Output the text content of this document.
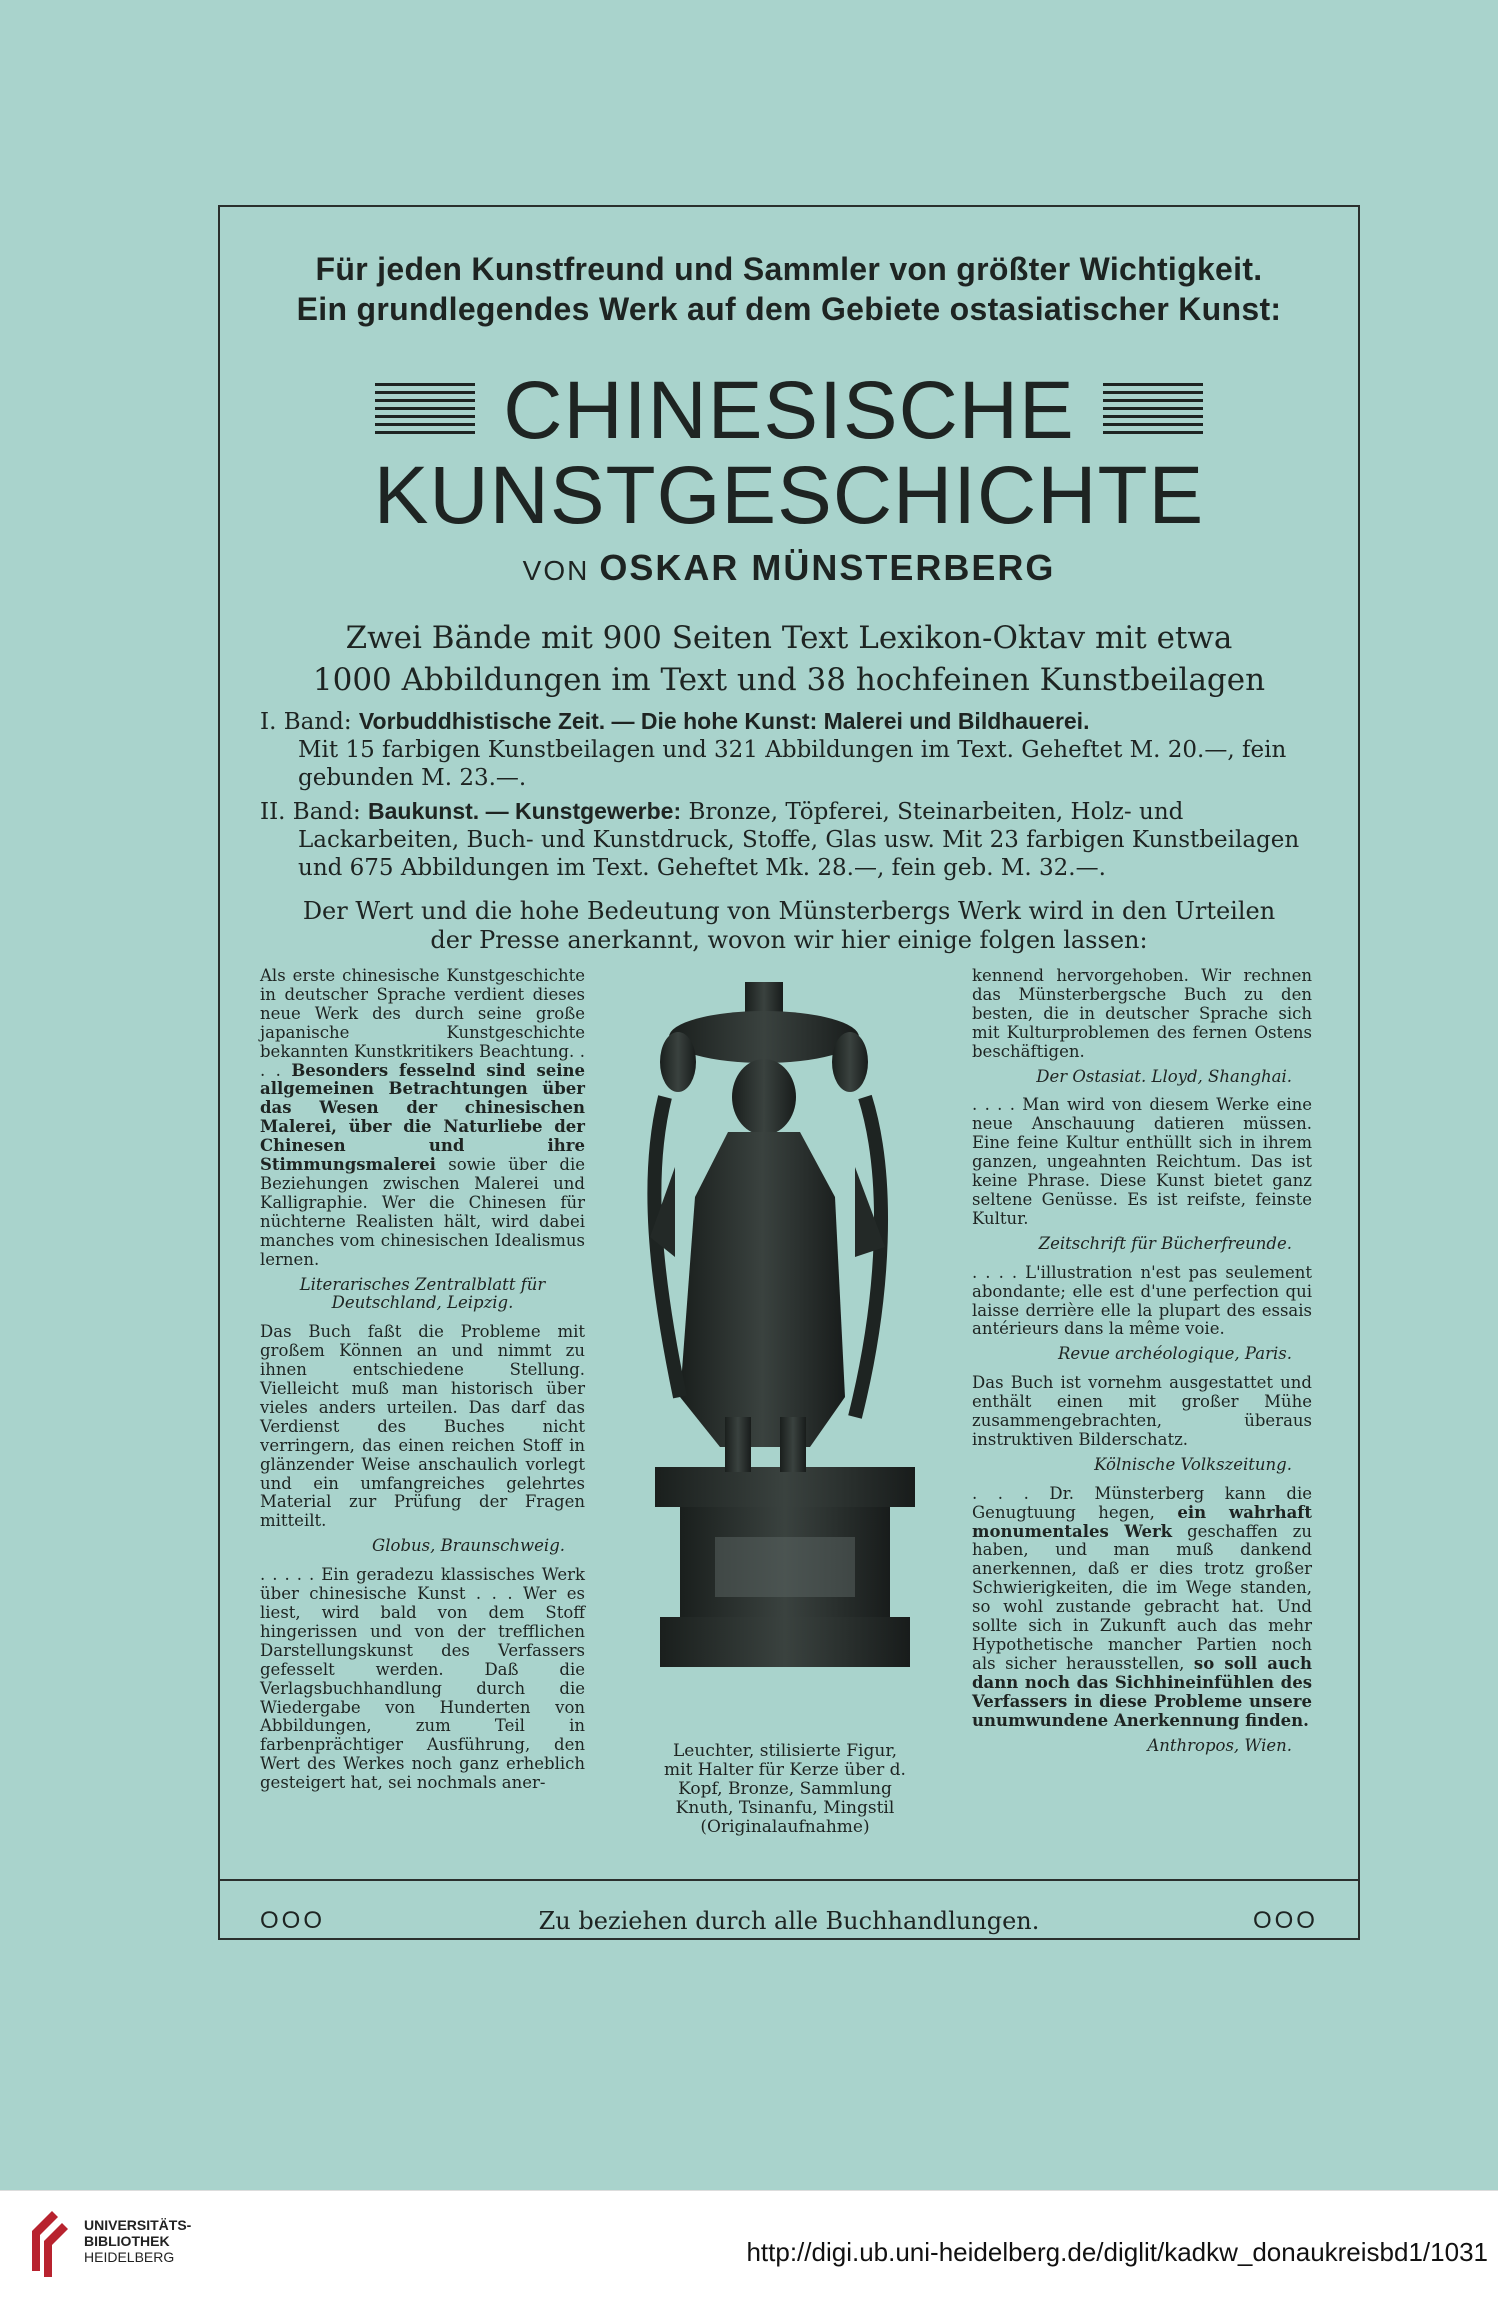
Für jeden Kunstfreund und Sammler von größter Wichtigkeit.
Ein grundlegendes Werk auf dem Gebiete ostasiatischer Kunst:
CHINESISCHE
KUNSTGESCHICHTE
VON OSKAR MÜNSTERBERG
Zwei Bände mit 900 Seiten Text Lexikon-Oktav mit etwa
1000 Abbildungen im Text und 38 hochfeinen Kunstbeilagen
I. Band: Vorbuddhistische Zeit. — Die hohe Kunst: Malerei und Bildhauerei.
Mit 15 farbigen Kunstbeilagen und 321 Abbildungen im Text. Geheftet M. 20.—, fein gebunden M. 23.—.
II. Band: Baukunst. — Kunstgewerbe: Bronze, Töpferei, Steinarbeiten, Holz- und
Lackarbeiten, Buch- und Kunstdruck, Stoffe, Glas usw. Mit 23 farbigen Kunstbeilagen und 675 Abbildungen im Text. Geheftet Mk. 28.—, fein geb. M. 32.—.
Der Wert und die hohe Bedeutung von Münsterbergs Werk wird in den Urteilen
der Presse anerkannt, wovon wir hier einige folgen lassen:

Als erste chinesische Kunstgeschichte in deutscher Sprache verdient dieses neue Werk des durch seine große japanische Kunstgeschichte bekannten Kunstkritikers Beachtung. . . . Besonders fesselnd sind seine allgemeinen Betrachtungen über das Wesen der chinesischen Malerei, über die Naturliebe der Chinesen und ihre Stimmungsmalerei sowie über die Beziehungen zwischen Malerei und Kalligraphie. Wer die Chinesen für nüchterne Realisten hält, wird dabei manches vom chinesischen Idealismus lernen.

Literarisches Zentralblatt für
Deutschland, Leipzig.

Das Buch faßt die Probleme mit großem Können an und nimmt zu ihnen entschiedene Stellung. Vielleicht muß man historisch über vieles anders urteilen. Das darf das Verdienst des Buches nicht verringern, das einen reichen Stoff in glänzender Weise anschaulich vorlegt und ein umfangreiches gelehrtes Material zur Prüfung der Fragen mitteilt.

Globus, Braunschweig.

. . . . . Ein geradezu klassisches Werk über chinesische Kunst . . . Wer es liest, wird bald von dem Stoff hingerissen und von der trefflichen Darstellungskunst des Verfassers gefesselt werden. Daß die Verlagsbuchhandlung durch die Wiedergabe von Hunderten von Abbildungen, zum Teil in farbenprächtiger Ausführung, den Wert des Werkes noch ganz erheblich gesteigert hat, sei nochmals aner-

Leuchter, stilisierte Figur,
mit Halter für Kerze über d.
Kopf, Bronze, Sammlung
Knuth, Tsinanfu, Mingstil
(Originalaufnahme)

kennend hervorgehoben. Wir rechnen das Münsterbergsche Buch zu den besten, die in deutscher Sprache sich mit Kulturproblemen des fernen Ostens beschäftigen.

Der Ostasiat. Lloyd, Shanghai.

. . . . Man wird von diesem Werke eine neue Anschauung datieren müssen. Eine feine Kultur enthüllt sich in ihrem ganzen, ungeahnten Reichtum. Das ist keine Phrase. Diese Kunst bietet ganz seltene Genüsse. Es ist reifste, feinste Kultur.

Zeitschrift für Bücherfreunde.

. . . . L'illustration n'est pas seulement abondante; elle est d'une perfection qui laisse derrière elle la plupart des essais antérieurs dans la même voie.

Revue archéologique, Paris.

Das Buch ist vornehm ausgestattet und enthält einen mit großer Mühe zusammengebrachten, überaus instruktiven Bilderschatz.

Kölnische Volkszeitung.

. . . Dr. Münsterberg kann die Genugtuung hegen, ein wahrhaft monumentales Werk geschaffen zu haben, und man muß dankend anerkennen, daß er dies trotz großer Schwierigkeiten, die im Wege standen, so wohl zustande gebracht hat. Und sollte sich in Zukunft auch das mehr Hypothetische mancher Partien noch als sicher herausstellen, so soll auch dann noch das Sichhineinfühlen des Verfassers in diese Probleme unsere unumwundene Anerkennung finden.

Anthropos, Wien.
OOO	Zu beziehen durch alle Buchhandlungen.	OOO
UNIVERSITÄTS-
BIBLIOTHEK
HEIDELBERG	http://digi.ub.uni-heidelberg.de/diglit/kadkw_donaukreisbd1/1031
